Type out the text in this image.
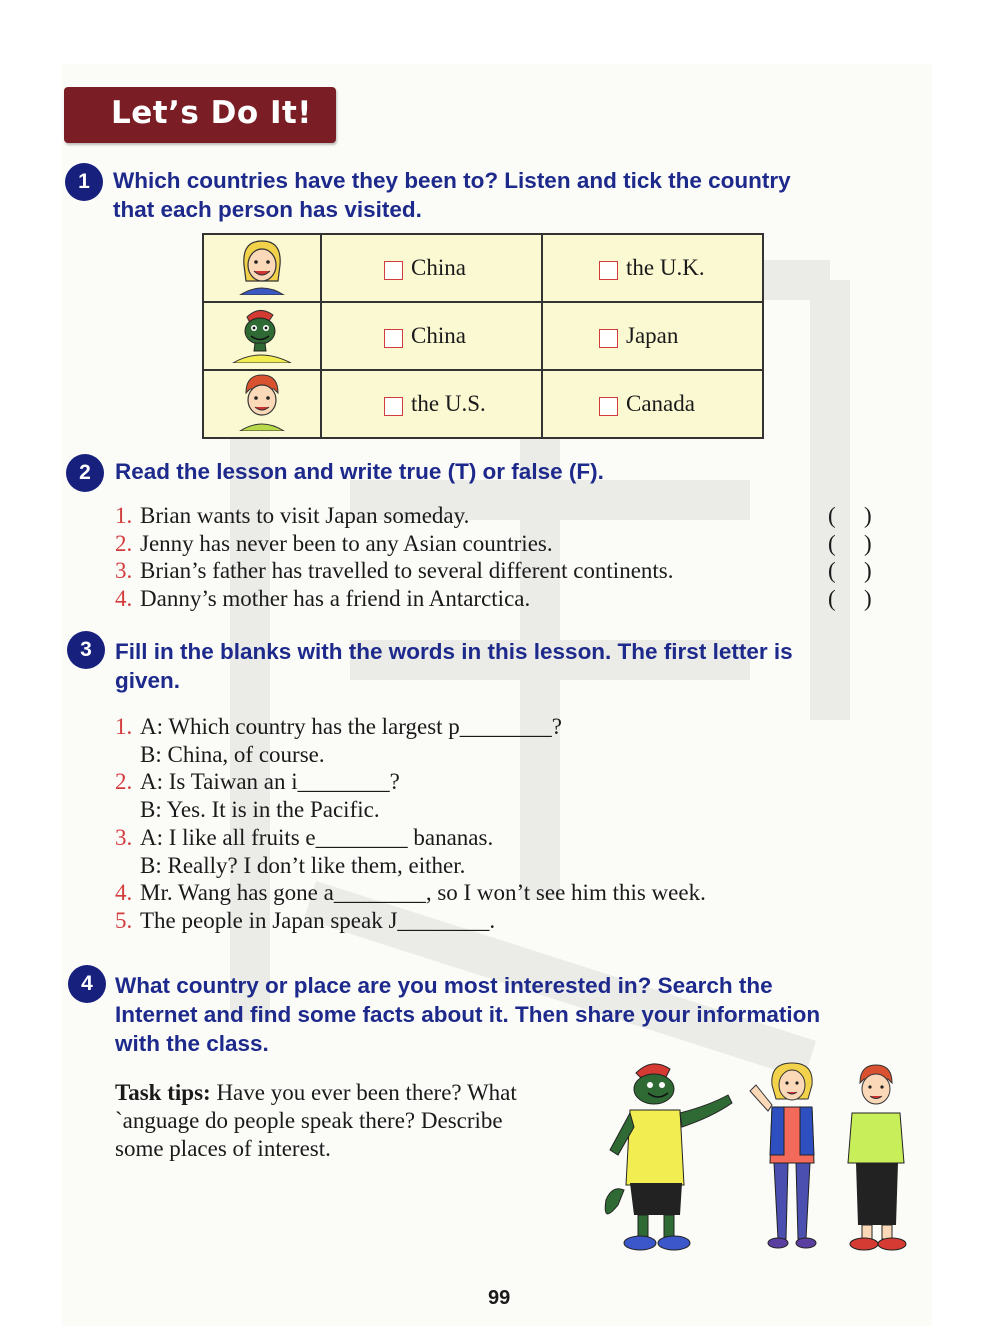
Let’s Do It!
1	Which countries have they been to? Listen and tick the country
that each person has visited.

China	the U.K.

China	Japan

the U.S.	Canada
2	Read the lesson and write true (T) or false (F).
1. Brian wants to visit Japan someday.	( )
2. Jenny has never been to any Asian countries.	( )
3. Brian’s father has travelled to several different continents.	( )
4. Danny’s mother has a friend in Antarctica.	( )
3	Fill in the blanks with the words in this lesson. The first letter is
given.
1. A: Which country has the largest p________?
B: China, of course.
2. A: Is Taiwan an i________?
B: Yes. It is in the Pacific.
3. A: I like all fruits e________ bananas.
B: Really? I don’t like them, either.
4. Mr. Wang has gone a________, so I won’t see him this week.
5. The people in Japan speak J________.
4 What country or place are you most interested in? Search the
Internet and find some facts about it. Then share your information
with the class.
Task tips: Have you ever been there? What
`anguage do people speak there? Describe
some places of interest.
99
